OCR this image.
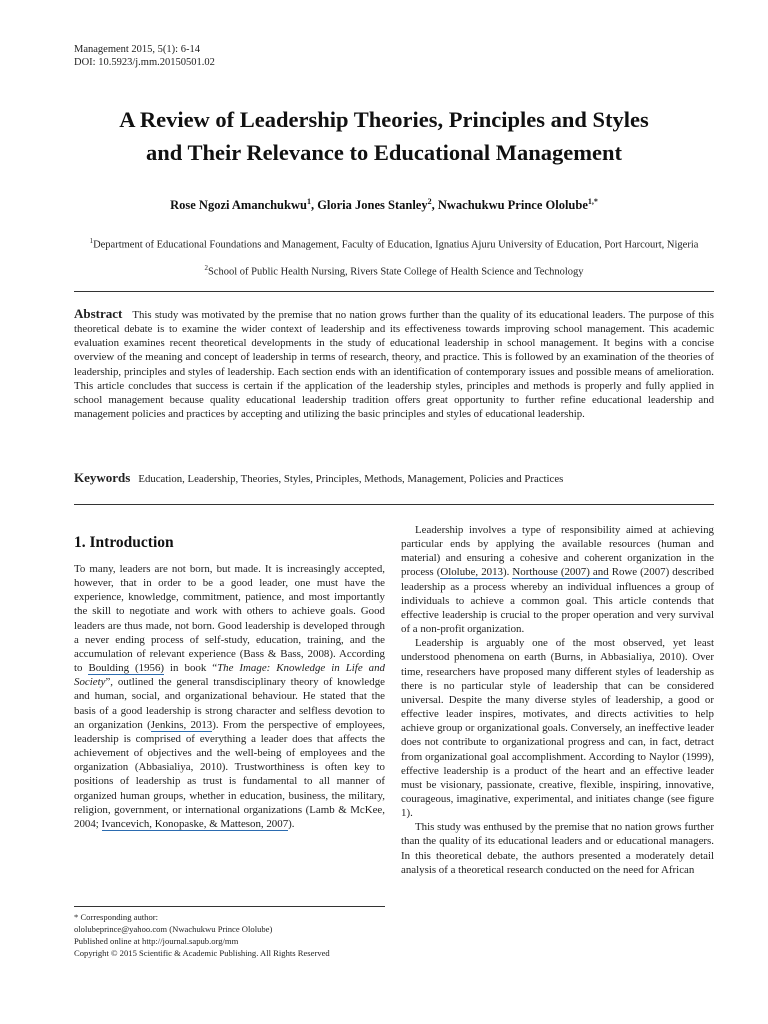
Management 2015, 5(1): 6-14
DOI: 10.5923/j.mm.20150501.02
A Review of Leadership Theories, Principles and Styles
and Their Relevance to Educational Management
Rose Ngozi Amanchukwu$^1$, Gloria Jones Stanley$^2$, Nwachukwu Prince Ololube$^{1,*}$
$^1$Department of Educational Foundations and Management, Faculty of Education, Ignatius Ajuru University of Education, Port Harcourt, Nigeria
$^2$School of Public Health Nursing, Rivers State College of Health Science and Technology
Abstract This study was motivated by the premise that no nation grows further than the quality of its educational leaders. The purpose of this theoretical debate is to examine the wider context of leadership and its effectiveness towards improving school management. This academic evaluation examines recent theoretical developments in the study of educational leadership in school management. It begins with a concise overview of the meaning and concept of leadership in terms of research, theory, and practice. This is followed by an examination of the theories of leadership, principles and styles of leadership. Each section ends with an identification of contemporary issues and possible means of amelioration. This article concludes that success is certain if the application of the leadership styles, principles and methods is properly and fully applied in school management because quality educational leadership tradition offers great opportunity to further refine educational leadership and management policies and practices by accepting and utilizing the basic principles and styles of educational leadership.
Keywords Education, Leadership, Theories, Styles, Principles, Methods, Management, Policies and Practices
1. Introduction

To many, leaders are not born, but made. It is increasingly accepted, however, that in order to be a good leader, one must have the experience, knowledge, commitment, patience, and most importantly the skill to negotiate and work with others to achieve goals. Good leaders are thus made, not born. Good leadership is developed through a never ending process of self-study, education, training, and the accumulation of relevant experience (Bass & Bass, 2008). According to Boulding (1956) in book “The Image: Knowledge in Life and Society”, outlined the general transdisciplinary theory of knowledge and human, social, and organizational behaviour. He stated that the basis of a good leadership is strong character and selfless devotion to an organization (Jenkins, 2013). From the perspective of employees, leadership is comprised of everything a leader does that affects the achievement of objectives and the well-being of employees and the organization (Abbasialiya, 2010). Trustworthiness is often key to positions of leadership as trust is fundamental to all manner of organized human groups, whether in education, business, the military, religion, government, or international organizations (Lamb & McKee, 2004; Ivancevich, Konopaske, & Matteson, 2007).

* Corresponding author:
ololubeprince@yahoo.com (Nwachukwu Prince Ololube)
Published online at http://journal.sapub.org/mm
Copyright © 2015 Scientific & Academic Publishing. All Rights Reserved

Leadership involves a type of responsibility aimed at achieving particular ends by applying the available resources (human and material) and ensuring a cohesive and coherent organization in the process (Ololube, 2013). Northouse (2007) and Rowe (2007) described leadership as a process whereby an individual influences a group of individuals to achieve a common goal. This article contends that effective leadership is crucial to the proper operation and very survival of a non-profit organization.

Leadership is arguably one of the most observed, yet least understood phenomena on earth (Burns, in Abbasialiya, 2010). Over time, researchers have proposed many different styles of leadership as there is no particular style of leadership that can be considered universal. Despite the many diverse styles of leadership, a good or effective leader inspires, motivates, and directs activities to help achieve group or organizational goals. Conversely, an ineffective leader does not contribute to organizational progress and can, in fact, detract from organizational goal accomplishment. According to Naylor (1999), effective leadership is a product of the heart and an effective leader must be visionary, passionate, creative, flexible, inspiring, innovative, courageous, imaginative, experimental, and initiates change (see figure 1).

This study was enthused by the premise that no nation grows further than the quality of its educational leaders and or educational managers. In this theoretical debate, the authors presented a moderately detail analysis of a theoretical research conducted on the need for African
